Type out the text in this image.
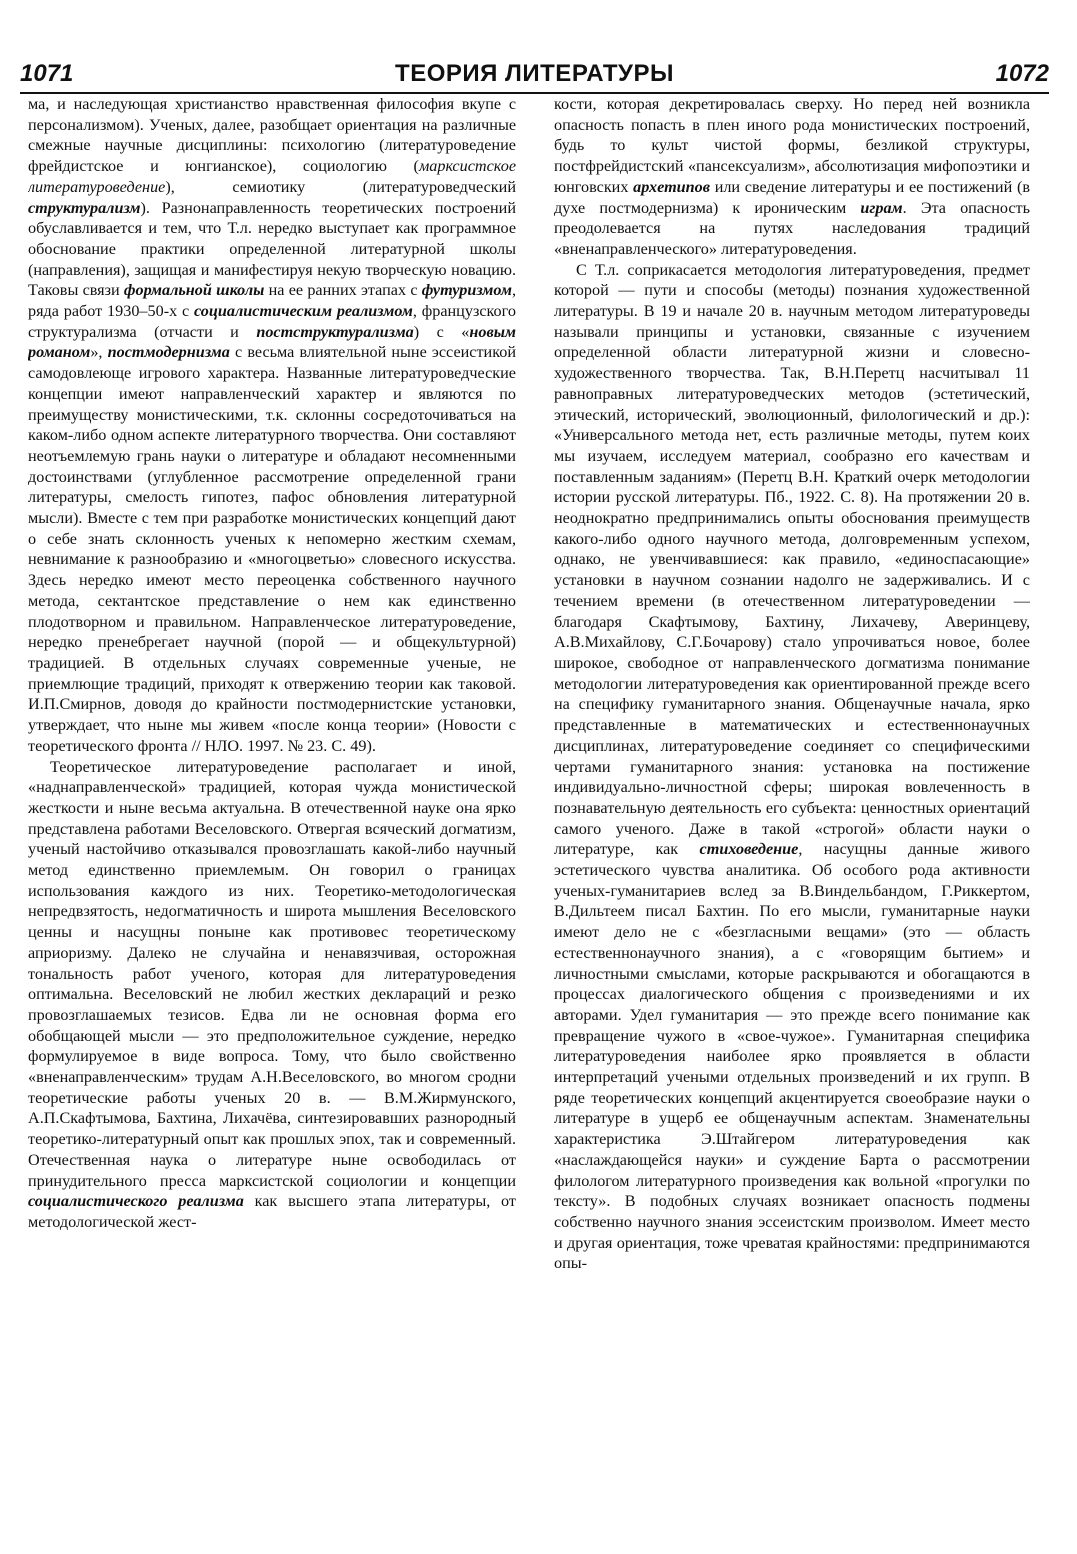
1071	ТЕОРИЯ ЛИТЕРАТУРЫ	1072

ма, и наследующая христианство нравственная философия вкупе с персонализмом). Ученых, далее, разобщает ориентация на различные смежные научные дисциплины: психологию (литературоведение фрейдистское и юнгианское), социологию (марксистское литературоведение), семиотику (литературоведческий структурализм). Разнонаправленность теоретических построений обуславливается и тем, что Т.л. нередко выступает как программное обоснование практики определенной литературной школы (направления), защищая и манифестируя некую творческую новацию. Таковы связи формальной школы на ее ранних этапах с футуризмом, ряда работ 1930–50-х с социалистическим реализмом, французского структурализма (отчасти и постструктурализма) с «новым романом», постмодернизма с весьма влиятельной ныне эссеистикой самодовлеюще игрового характера. Названные литературоведческие концепции имеют направленческий характер и являются по преимуществу монистическими, т.к. склонны сосредоточиваться на каком-либо одном аспекте литературного творчества. Они составляют неотъемлемую грань науки о литературе и обладают несомненными достоинствами (углубленное рассмотрение определенной грани литературы, смелость гипотез, пафос обновления литературной мысли). Вместе с тем при разработке монистических концепций дают о себе знать склонность ученых к непомерно жестким схемам, невнимание к разнообразию и «многоцветью» словесного искусства. Здесь нередко имеют место переоценка собственного научного метода, сектантское представление о нем как единственно плодотворном и правильном. Направленческое литературоведение, нередко пренебрегает научной (порой — и общекультурной) традицией. В отдельных случаях современные ученые, не приемлющие традиций, приходят к отвержению теории как таковой. И.П.Смирнов, доводя до крайности постмодернистские установки, утверждает, что ныне мы живем «после конца теории» (Новости с теоретического фронта // НЛО. 1997. № 23. С. 49).

Теоретическое литературоведение располагает и иной, «наднаправленческой» традицией, которая чужда монистической жесткости и ныне весьма актуальна. В отечественной науке она ярко представлена работами Веселовского. Отвергая всяческий догматизм, ученый настойчиво отказывался провозглашать какой-либо научный метод единственно приемлемым. Он говорил о границах использования каждого из них. Теоретико-методологическая непредвзятость, недогматичность и широта мышления Веселовского ценны и насущны поныне как противовес теоретическому априоризму. Далеко не случайна и ненавязчивая, осторожная тональность работ ученого, которая для литературоведения оптимальна. Веселовский не любил жестких деклараций и резко провозглашаемых тезисов. Едва ли не основная форма его обобщающей мысли — это предположительное суждение, нередко формулируемое в виде вопроса. Тому, что было свойственно «вненаправленческим» трудам А.Н.Веселовского, во многом сродни теоретические работы ученых 20 в. — В.М.Жирмунского, А.П.Скафтымова, Бахтина, Лихачёва, синтезировавших разнородный теоретико-литературный опыт как прошлых эпох, так и современный. Отечественная наука о литературе ныне освободилась от принудительного пресса марксистской социологии и концепции социалистического реализма как высшего этапа литературы, от методологической жест-

кости, которая декретировалась сверху. Но перед ней возникла опасность попасть в плен иного рода монистических построений, будь то культ чистой формы, безликой структуры, постфрейдистский «пансексуализм», абсолютизация мифопоэтики и юнговских архетипов или сведение литературы и ее постижений (в духе постмодернизма) к ироническим играм. Эта опасность преодолевается на путях наследования традиций «вненаправленческого» литературоведения.

С Т.л. соприкасается методология литературоведения, предмет которой — пути и способы (методы) познания художественной литературы. В 19 и начале 20 в. научным методом литературоведы называли принципы и установки, связанные с изучением определенной области литературной жизни и словесно-художественного творчества. Так, В.Н.Перетц насчитывал 11 равноправных литературоведческих методов (эстетический, этический, исторический, эволюционный, филологический и др.): «Универсального метода нет, есть различные методы, путем коих мы изучаем, исследуем материал, сообразно его качествам и поставленным заданиям» (Перетц В.Н. Краткий очерк методологии истории русской литературы. Пб., 1922. С. 8). На протяжении 20 в. неоднократно предпринимались опыты обоснования преимуществ какого-либо одного научного метода, долговременным успехом, однако, не увенчивавшиеся: как правило, «единоспасающие» установки в научном сознании надолго не задерживались. И с течением времени (в отечественном литературоведении — благодаря Скафтымову, Бахтину, Лихачеву, Аверинцеву, А.В.Михайлову, С.Г.Бочарову) стало упрочиваться новое, более широкое, свободное от направленческого догматизма понимание методологии литературоведения как ориентированной прежде всего на специфику гуманитарного знания. Общенаучные начала, ярко представленные в математических и естественнонаучных дисциплинах, литературоведение соединяет со специфическими чертами гуманитарного знания: установка на постижение индивидуально-личностной сферы; широкая вовлеченность в познавательную деятельность его субъекта: ценностных ориентаций самого ученого. Даже в такой «строгой» области науки о литературе, как стиховедение, насущны данные живого эстетического чувства аналитика. Об особого рода активности ученых-гуманитариев вслед за В.Виндельбандом, Г.Риккертом, В.Дильтеем писал Бахтин. По его мысли, гуманитарные науки имеют дело не с «безгласными вещами» (это — область естественнонаучного знания), а с «говорящим бытием» и личностными смыслами, которые раскрываются и обогащаются в процессах диалогического общения с произведениями и их авторами. Удел гуманитария — это прежде всего понимание как превращение чужого в «свое-чужое». Гуманитарная специфика литературоведения наиболее ярко проявляется в области интерпретаций учеными отдельных произведений и их групп. В ряде теоретических концепций акцентируется своеобразие науки о литературе в ущерб ее общенаучным аспектам. Знаменательны характеристика Э.Штайгером литературоведения как «наслаждающейся науки» и суждение Барта о рассмотрении филологом литературного произведения как вольной «прогулки по тексту». В подобных случаях возникает опасность подмены собственно научного знания эссеистским произволом. Имеет место и другая ориентация, тоже чреватая крайностями: предпринимаются опы-
